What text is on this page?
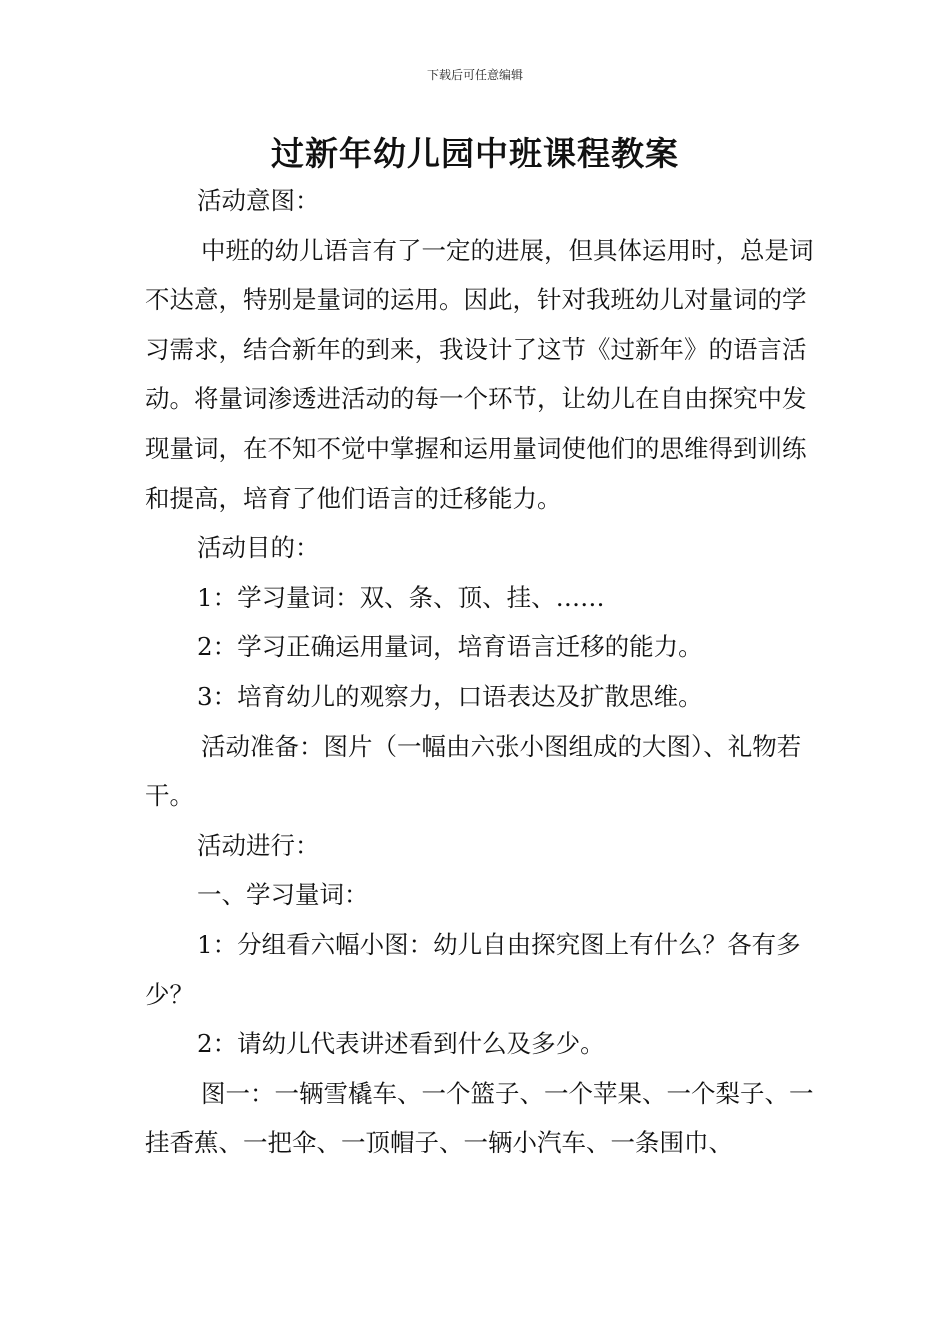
下载后可任意编辑
过新年幼儿园中班课程教案

活动意图：

中班的幼儿语言有了一定的进展，但具体运用时，总是词不达意，特别是量词的运用。因此，针对我班幼儿对量词的学习需求，结合新年的到来，我设计了这节《过新年》的语言活动。将量词渗透进活动的每一个环节，让幼儿在自由探究中发现量词，在不知不觉中掌握和运用量词使他们的思维得到训练和提高，培育了他们语言的迁移能力。

活动目的：

1：学习量词：双、条、顶、挂、……

2：学习正确运用量词，培育语言迁移的能力。

3：培育幼儿的观察力，口语表达及扩散思维。

活动准备：图片（一幅由六张小图组成的大图）、礼物若干。

活动进行：

一、学习量词：

1：分组看六幅小图：幼儿自由探究图上有什么？各有多少？

2：请幼儿代表讲述看到什么及多少。

图一：一辆雪橇车、一个篮子、一个苹果、一个梨子、一挂香蕉、一把伞、一顶帽子、一辆小汽车、一条围巾、
